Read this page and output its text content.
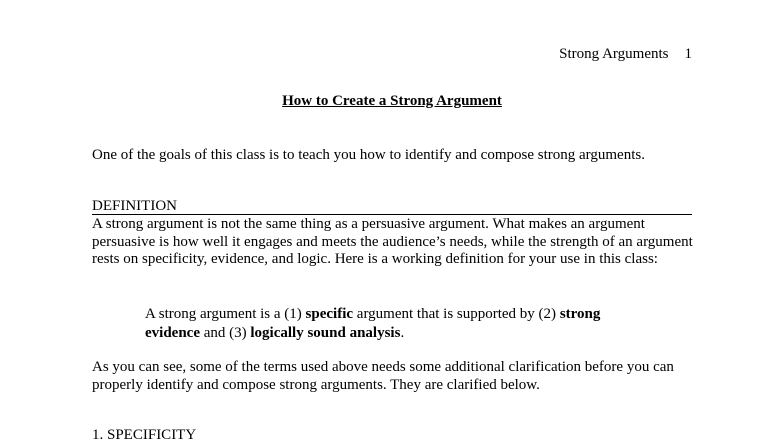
Strong Arguments 1
How to Create a Strong Argument
One of the goals of this class is to teach you how to identify and compose strong arguments.
DEFINITION
A strong argument is not the same thing as a persuasive argument. What makes an argument persuasive is how well it engages and meets the audience’s needs, while the strength of an argument rests on specificity, evidence, and logic. Here is a working definition for your use in this class:
A strong argument is a (1) specific argument that is supported by (2) strong evidence and (3) logically sound analysis.
As you can see, some of the terms used above needs some additional clarification before you can properly identify and compose strong arguments. They are clarified below.
1. SPECIFICITY
